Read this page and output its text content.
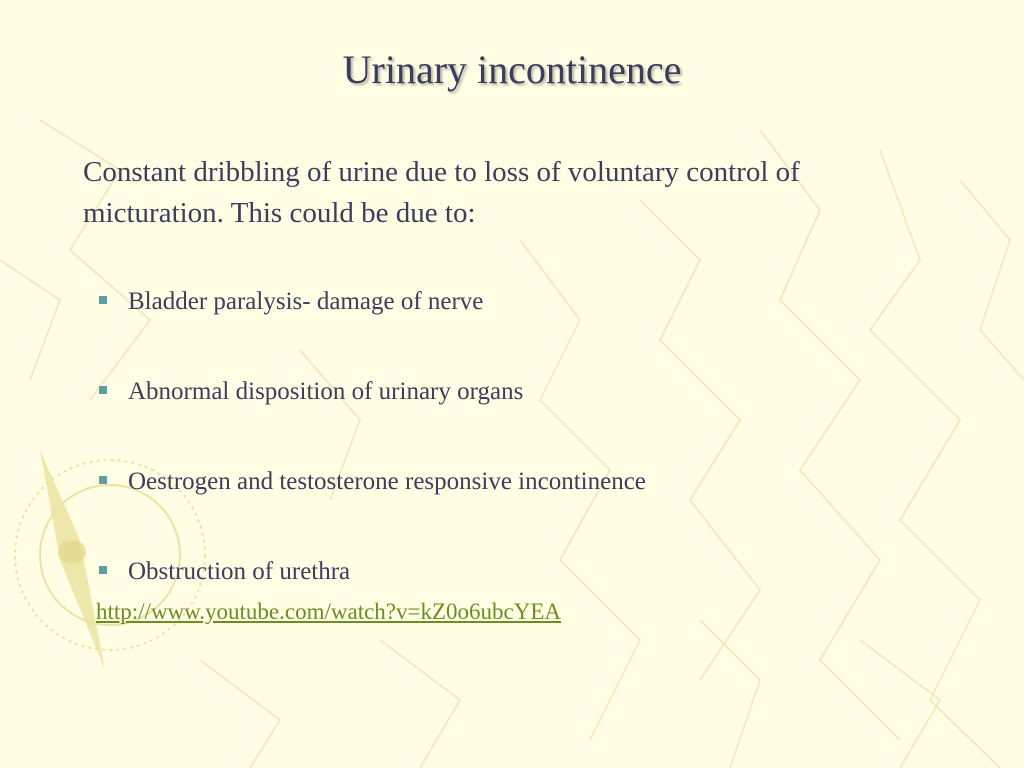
Urinary incontinence
Constant dribbling of urine due to loss of voluntary control of micturation. This could be due to:
Bladder paralysis- damage of nerve
Abnormal disposition of urinary organs
Oestrogen and testosterone responsive incontinence
Obstruction of urethra
http://www.youtube.com/watch?v=kZ0o6ubcYEA
